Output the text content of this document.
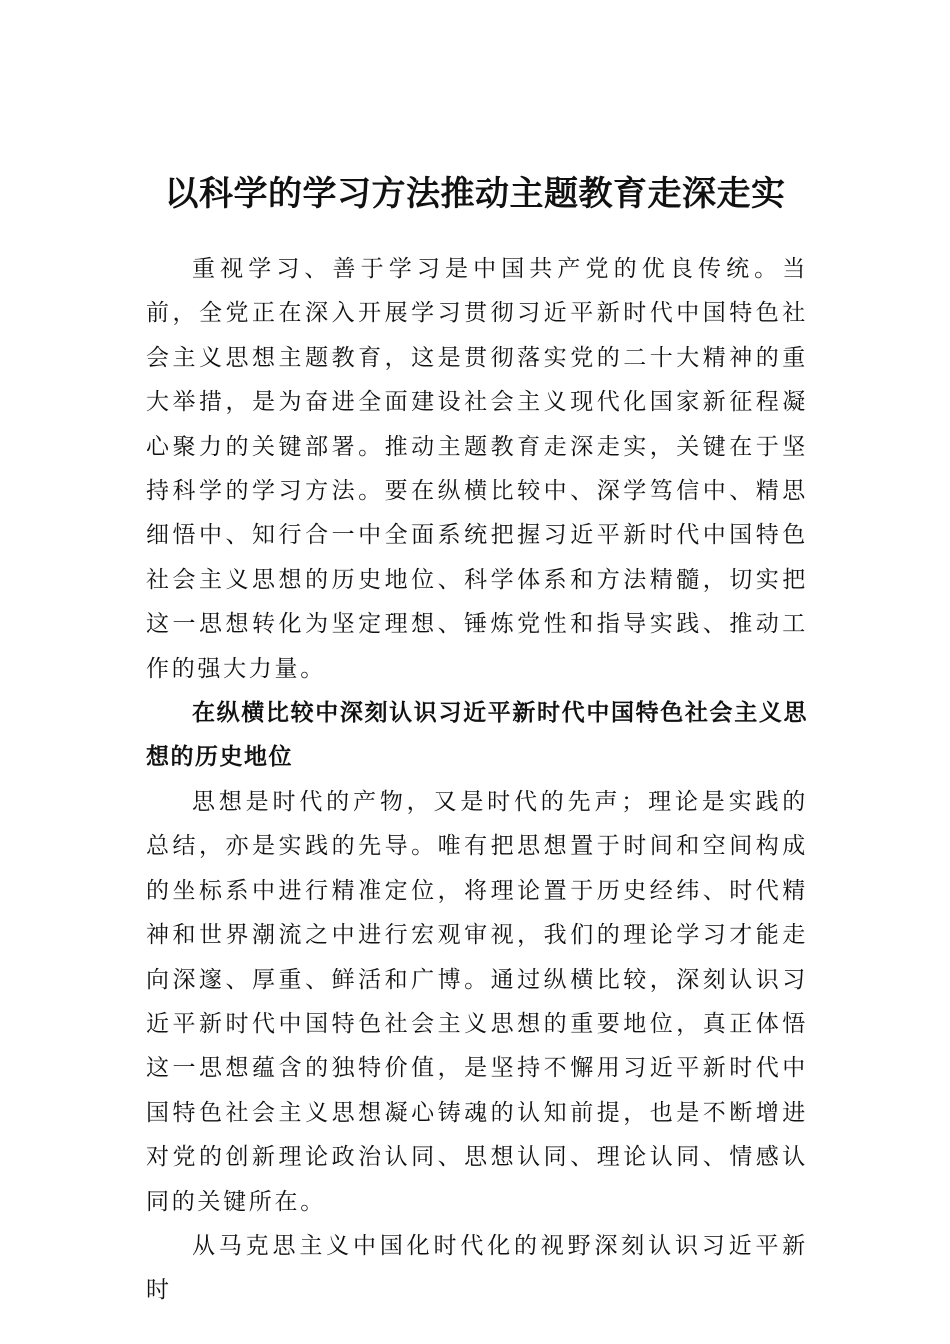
以科学的学习方法推动主题教育走深走实

重视学习、善于学习是中国共产党的优良传统。当前，全党正在深入开展学习贯彻习近平新时代中国特色社会主义思想主题教育，这是贯彻落实党的二十大精神的重大举措，是为奋进全面建设社会主义现代化国家新征程凝心聚力的关键部署。推动主题教育走深走实，关键在于坚持科学的学习方法。要在纵横比较中、深学笃信中、精思细悟中、知行合一中全面系统把握习近平新时代中国特色社会主义思想的历史地位、科学体系和方法精髓，切实把这一思想转化为坚定理想、锤炼党性和指导实践、推动工作的强大力量。

在纵横比较中深刻认识习近平新时代中国特色社会主义思想的历史地位

思想是时代的产物，又是时代的先声；理论是实践的总结，亦是实践的先导。唯有把思想置于时间和空间构成的坐标系中进行精准定位，将理论置于历史经纬、时代精神和世界潮流之中进行宏观审视，我们的理论学习才能走向深邃、厚重、鲜活和广博。通过纵横比较，深刻认识习近平新时代中国特色社会主义思想的重要地位，真正体悟这一思想蕴含的独特价值，是坚持不懈用习近平新时代中国特色社会主义思想凝心铸魂的认知前提，也是不断增进对党的创新理论政治认同、思想认同、理论认同、情感认同的关键所在。

从马克思主义中国化时代化的视野深刻认识习近平新时
